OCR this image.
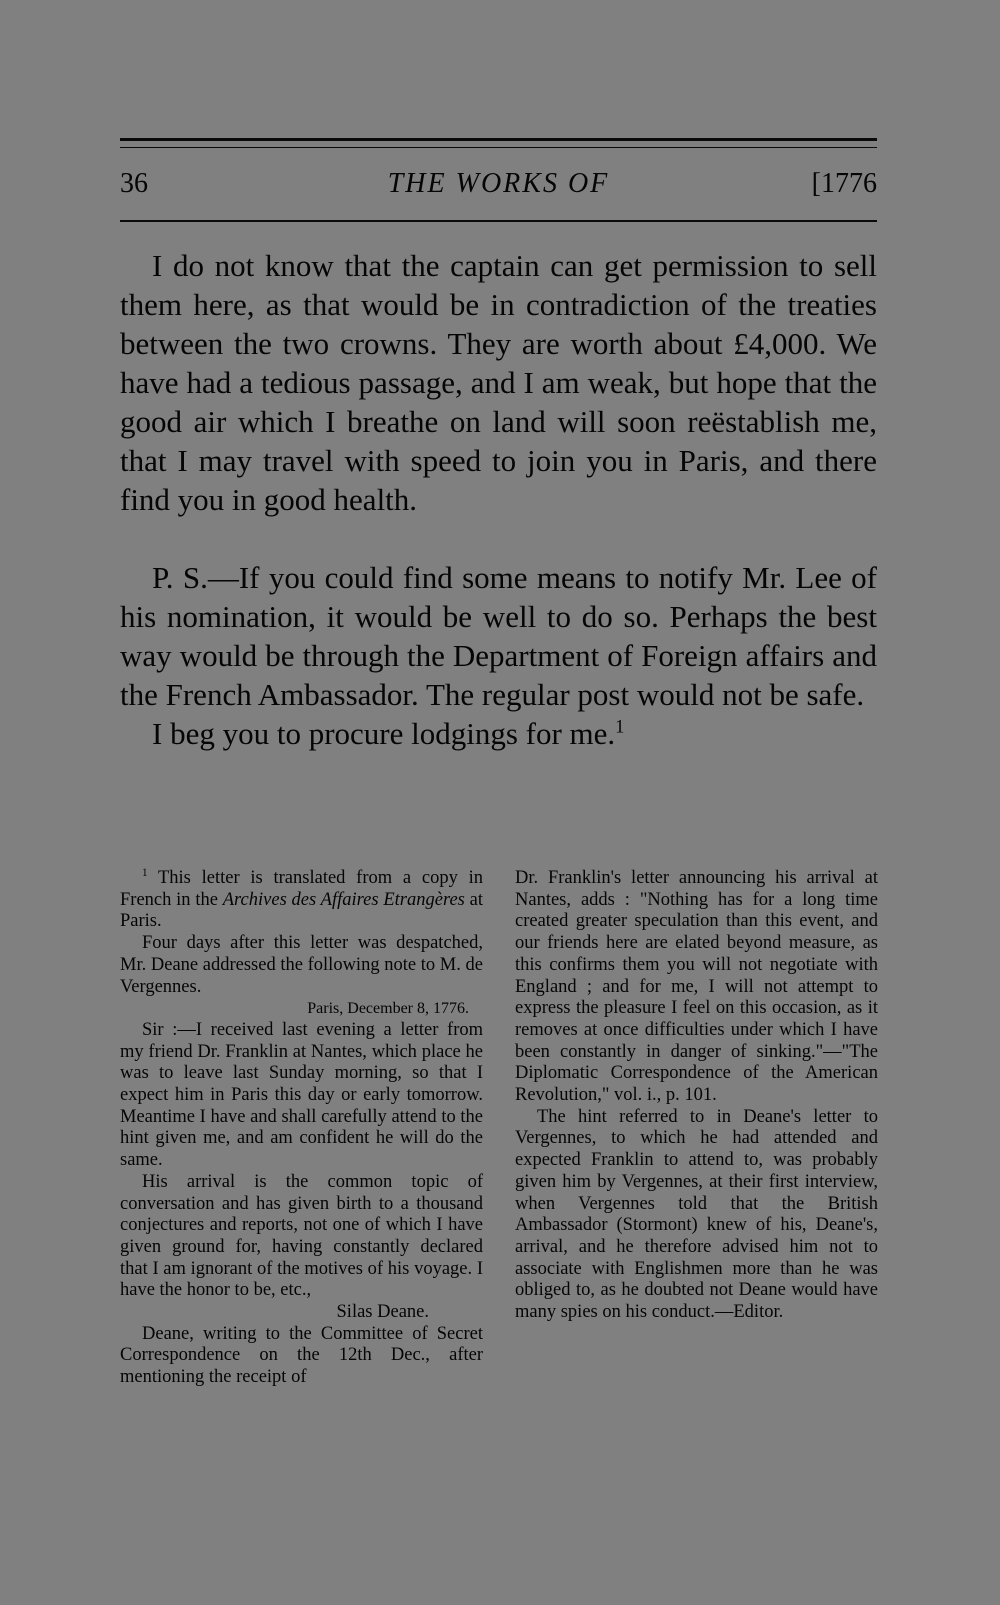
36	THE WORKS OF	[1776

I do not know that the captain can get permission to sell them here, as that would be in contradiction of the treaties between the two crowns. They are worth about £4,000. We have had a tedious passage, and I am weak, but hope that the good air which I breathe on land will soon reëstablish me, that I may travel with speed to join you in Paris, and there find you in good health.

P. S.—If you could find some means to notify Mr. Lee of his nomination, it would be well to do so. Perhaps the best way would be through the Department of Foreign affairs and the French Ambassador. The regular post would not be safe.

I beg you to procure lodgings for me.$^1$

$^1$ This letter is translated from a copy in French in the Archives des Affaires Etrangères at Paris.

Four days after this letter was despatched, Mr. Deane addressed the following note to M. de Vergennes.

Paris, December 8, 1776.

Sir :—I received last evening a letter from my friend Dr. Franklin at Nantes, which place he was to leave last Sunday morning, so that I expect him in Paris this day or early tomorrow. Meantime I have and shall carefully attend to the hint given me, and am confident he will do the same.

His arrival is the common topic of conversation and has given birth to a thousand conjectures and reports, not one of which I have given ground for, having constantly declared that I am ignorant of the motives of his voyage. I have the honor to be, etc.,

Silas Deane.

Deane, writing to the Committee of Secret Correspondence on the 12th Dec., after mentioning the receipt of

Dr. Franklin's letter announcing his arrival at Nantes, adds : "Nothing has for a long time created greater speculation than this event, and our friends here are elated beyond measure, as this confirms them you will not negotiate with England ; and for me, I will not attempt to express the pleasure I feel on this occasion, as it removes at once difficulties under which I have been constantly in danger of sinking."—"The Diplomatic Correspondence of the American Revolution," vol. i., p. 101.

The hint referred to in Deane's letter to Vergennes, to which he had attended and expected Franklin to attend to, was probably given him by Vergennes, at their first interview, when Vergennes told that the British Ambassador (Stormont) knew of his, Deane's, arrival, and he therefore advised him not to associate with Englishmen more than he was obliged to, as he doubted not Deane would have many spies on his conduct.—Editor.
